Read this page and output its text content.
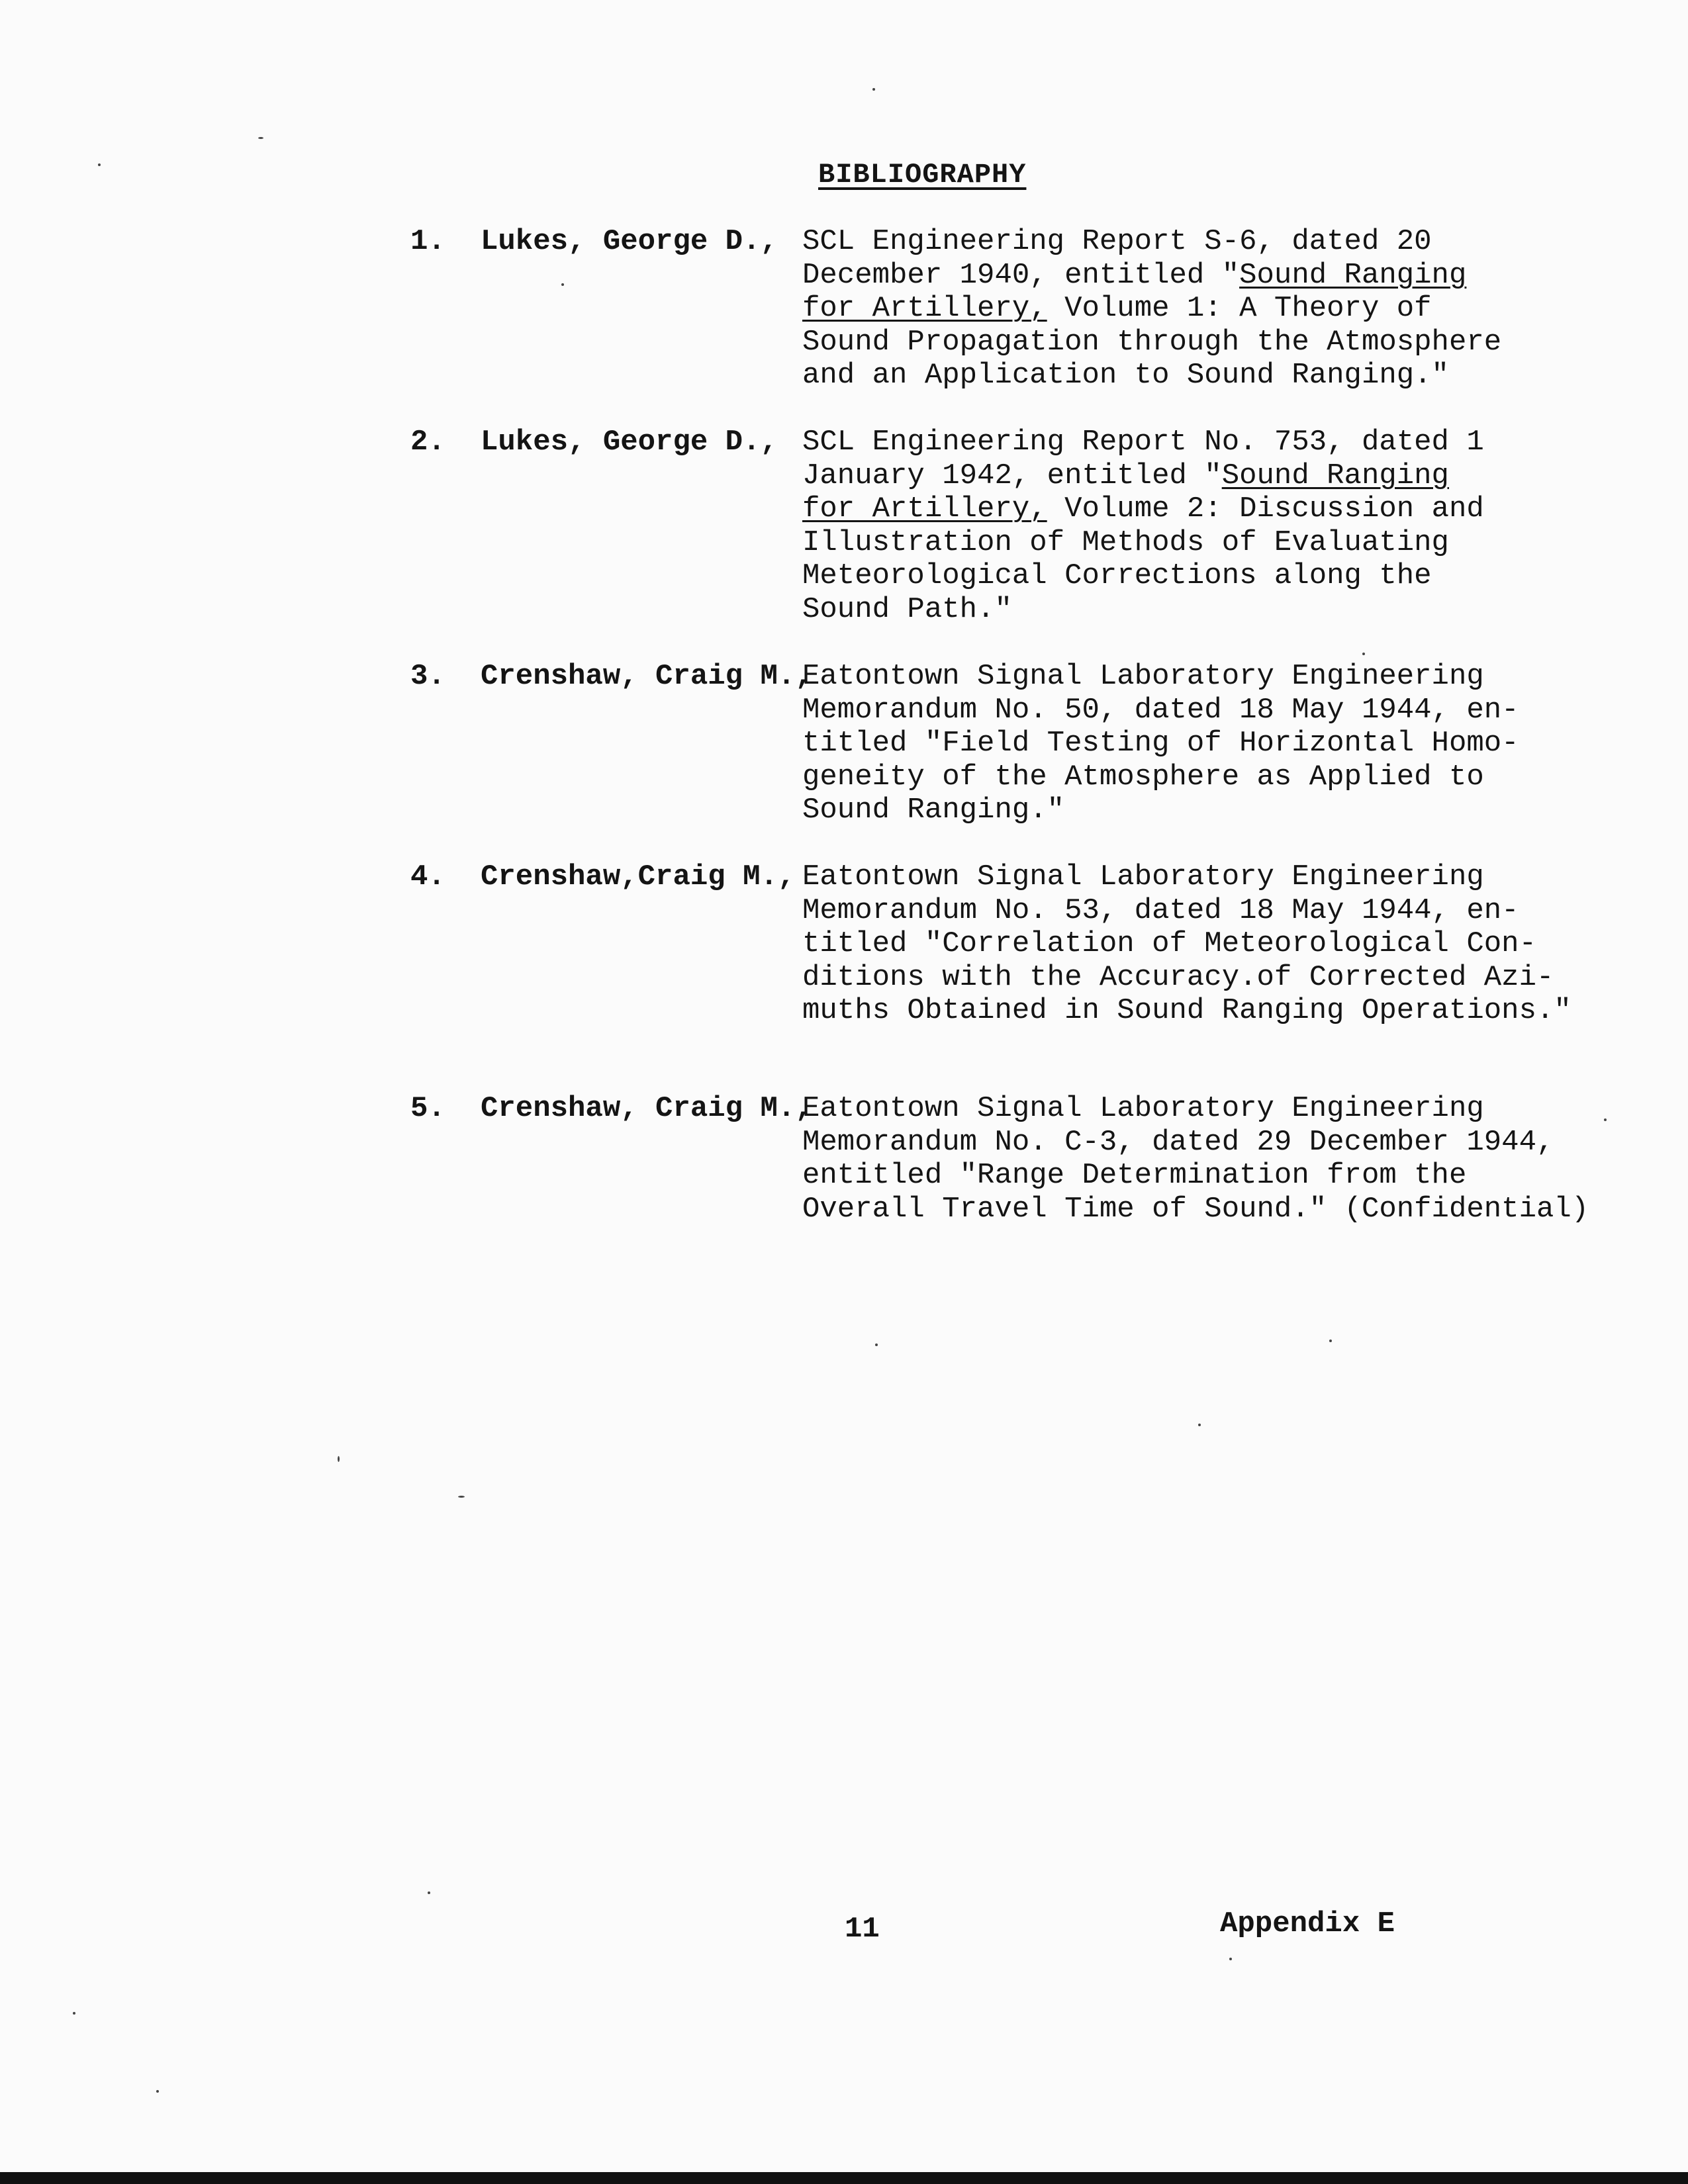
BIBLIOGRAPHY
1. Lukes, George D., SCL Engineering Report S-6, dated 20
December 1940, entitled "Sound Ranging
for Artillery, Volume 1: A Theory of
Sound Propagation through the Atmosphere
and an Application to Sound Ranging."
2. Lukes, George D., SCL Engineering Report No. 753, dated 1
January 1942, entitled "Sound Ranging
for Artillery, Volume 2: Discussion and
Illustration of Methods of Evaluating
Meteorological Corrections along the
Sound Path."
3. Crenshaw, Craig M.,
Eatontown Signal Laboratory Engineering
Memorandum No. 50, dated 18 May 1944, en-
titled "Field Testing of Horizontal Homo-
geneity of the Atmosphere as Applied to
Sound Ranging."
4. Crenshaw,Craig M., Eatontown Signal Laboratory Engineering
Memorandum No. 53, dated 18 May 1944, en-
titled "Correlation of Meteorological Con-
ditions with the Accuracy.of Corrected Azi-
muths Obtained in Sound Ranging Operations."
5. Crenshaw, Craig M.,
Eatontown Signal Laboratory Engineering
Memorandum No. C-3, dated 29 December 1944,
entitled "Range Determination from the
Overall Travel Time of Sound." (Confidential)
11	Appendix E
